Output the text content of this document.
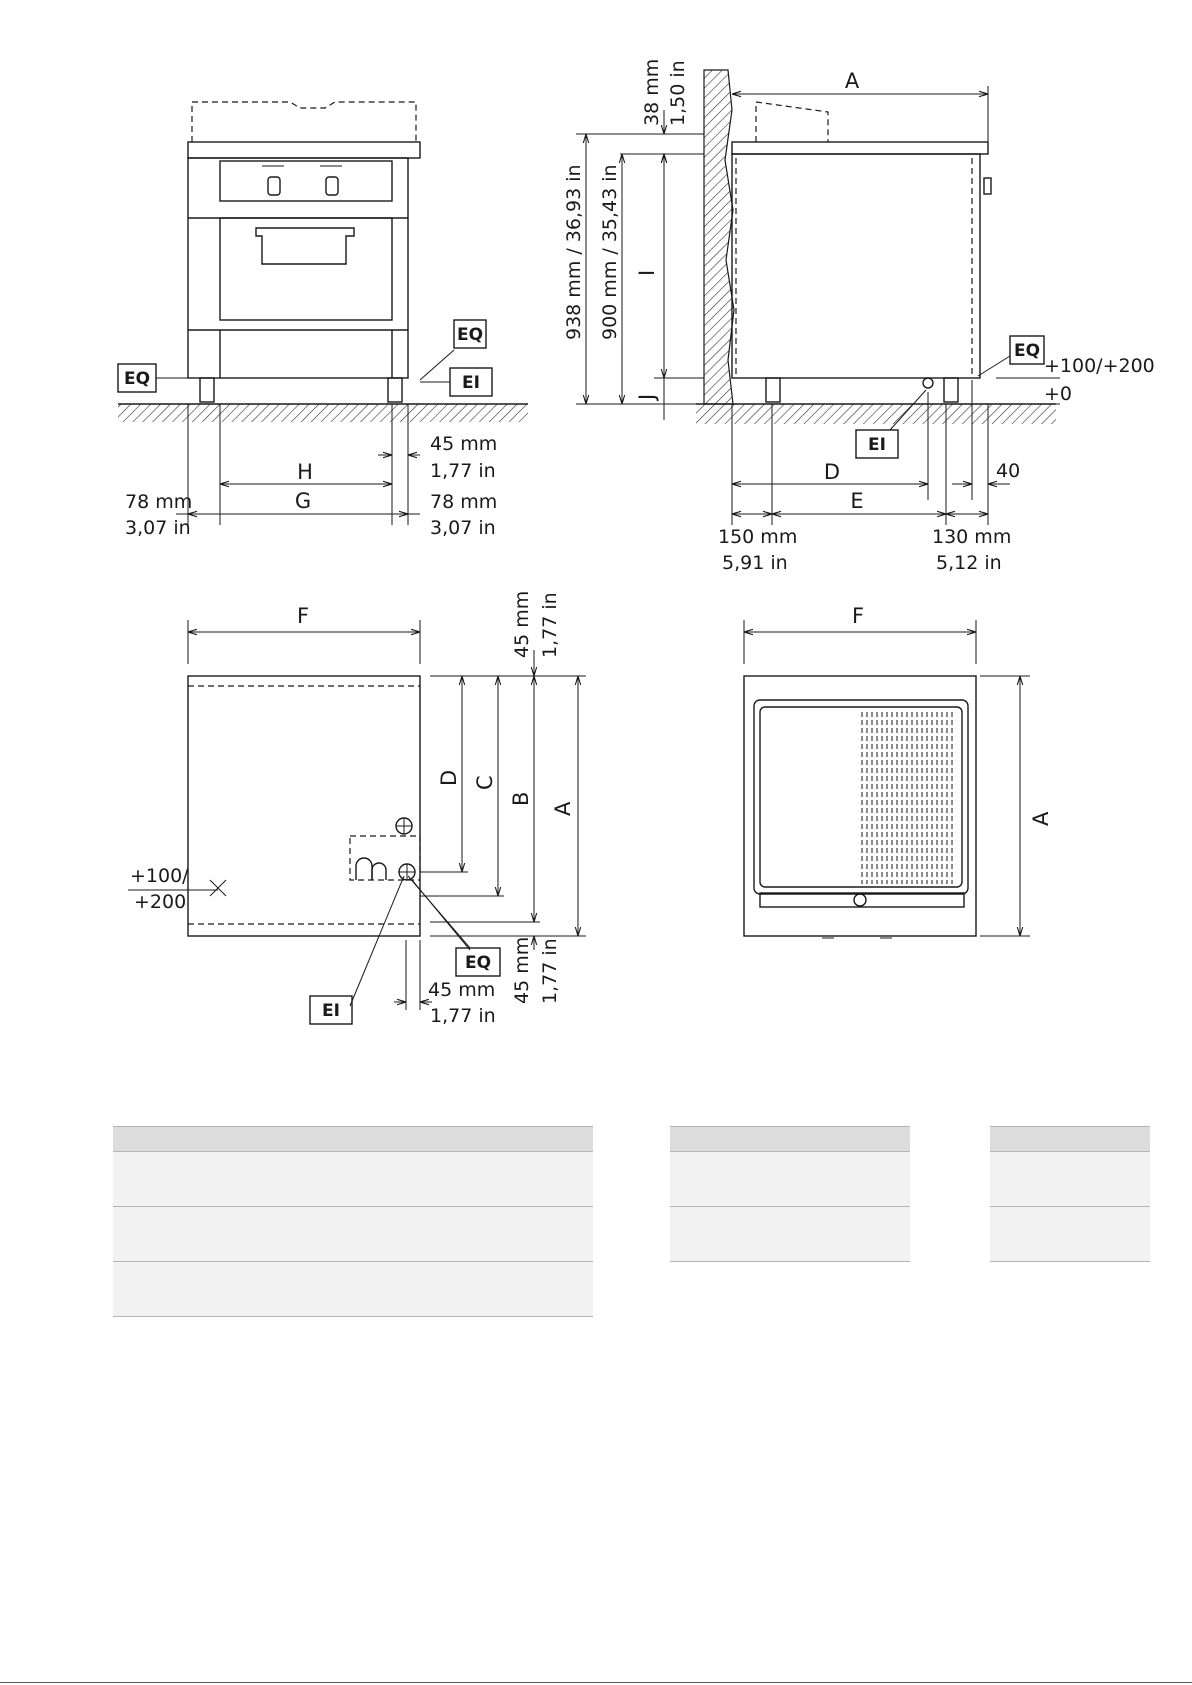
H
G
45 mm
1,77 in
78 mm
3,07 in
78 mm
3,07 in
EQ
EQ
EI
A
38 mm 1,50 in
938 mm / 36,93 in 900 mm / 35,43 in I
J
+100/+200
+0
D
E
40
150 mm
5,91 in
130 mm
5,12 in
EQ
EI
F	45 mm 1,77 in
D C
B
A
+100/
+200
45 mm
1,77 in
45 mm 1,77 in
EQ
EI
F
A
